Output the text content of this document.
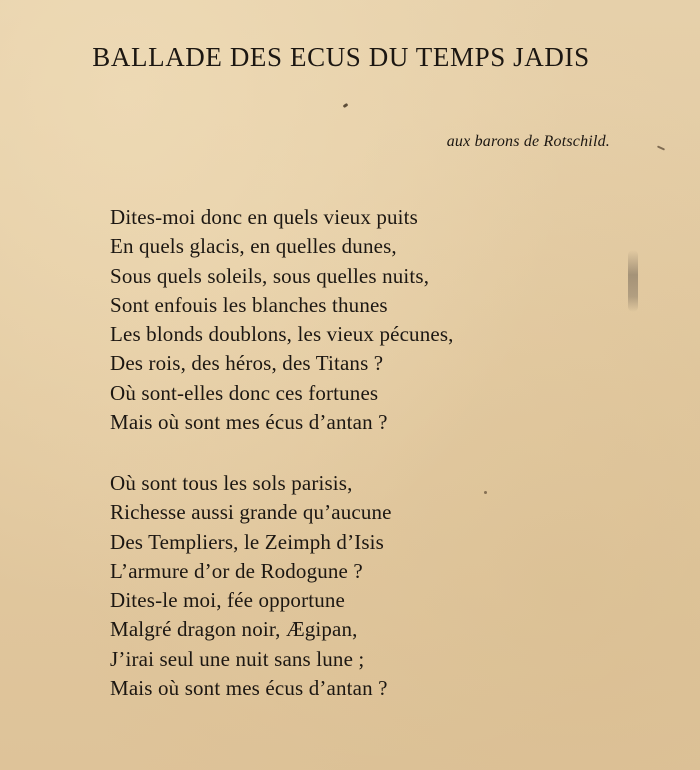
BALLADE DES ECUS DU TEMPS JADIS
aux barons de Rotschild.
Dites-moi donc en quels vieux puits
En quels glacis, en quelles dunes,
Sous quels soleils, sous quelles nuits,
Sont enfouis les blanches thunes
Les blonds doublons, les vieux pécunes,
Des rois, des héros, des Titans ?
Où sont-elles donc ces fortunes
Mais où sont mes écus d’antan ?
Où sont tous les sols parisis,
Richesse aussi grande qu’aucune
Des Templiers, le Zeimph d’Isis
L’armure d’or de Rodogune ?
Dites-le moi, fée opportune
Malgré dragon noir, Ægipan,
J’irai seul une nuit sans lune ;
Mais où sont mes écus d’antan ?
